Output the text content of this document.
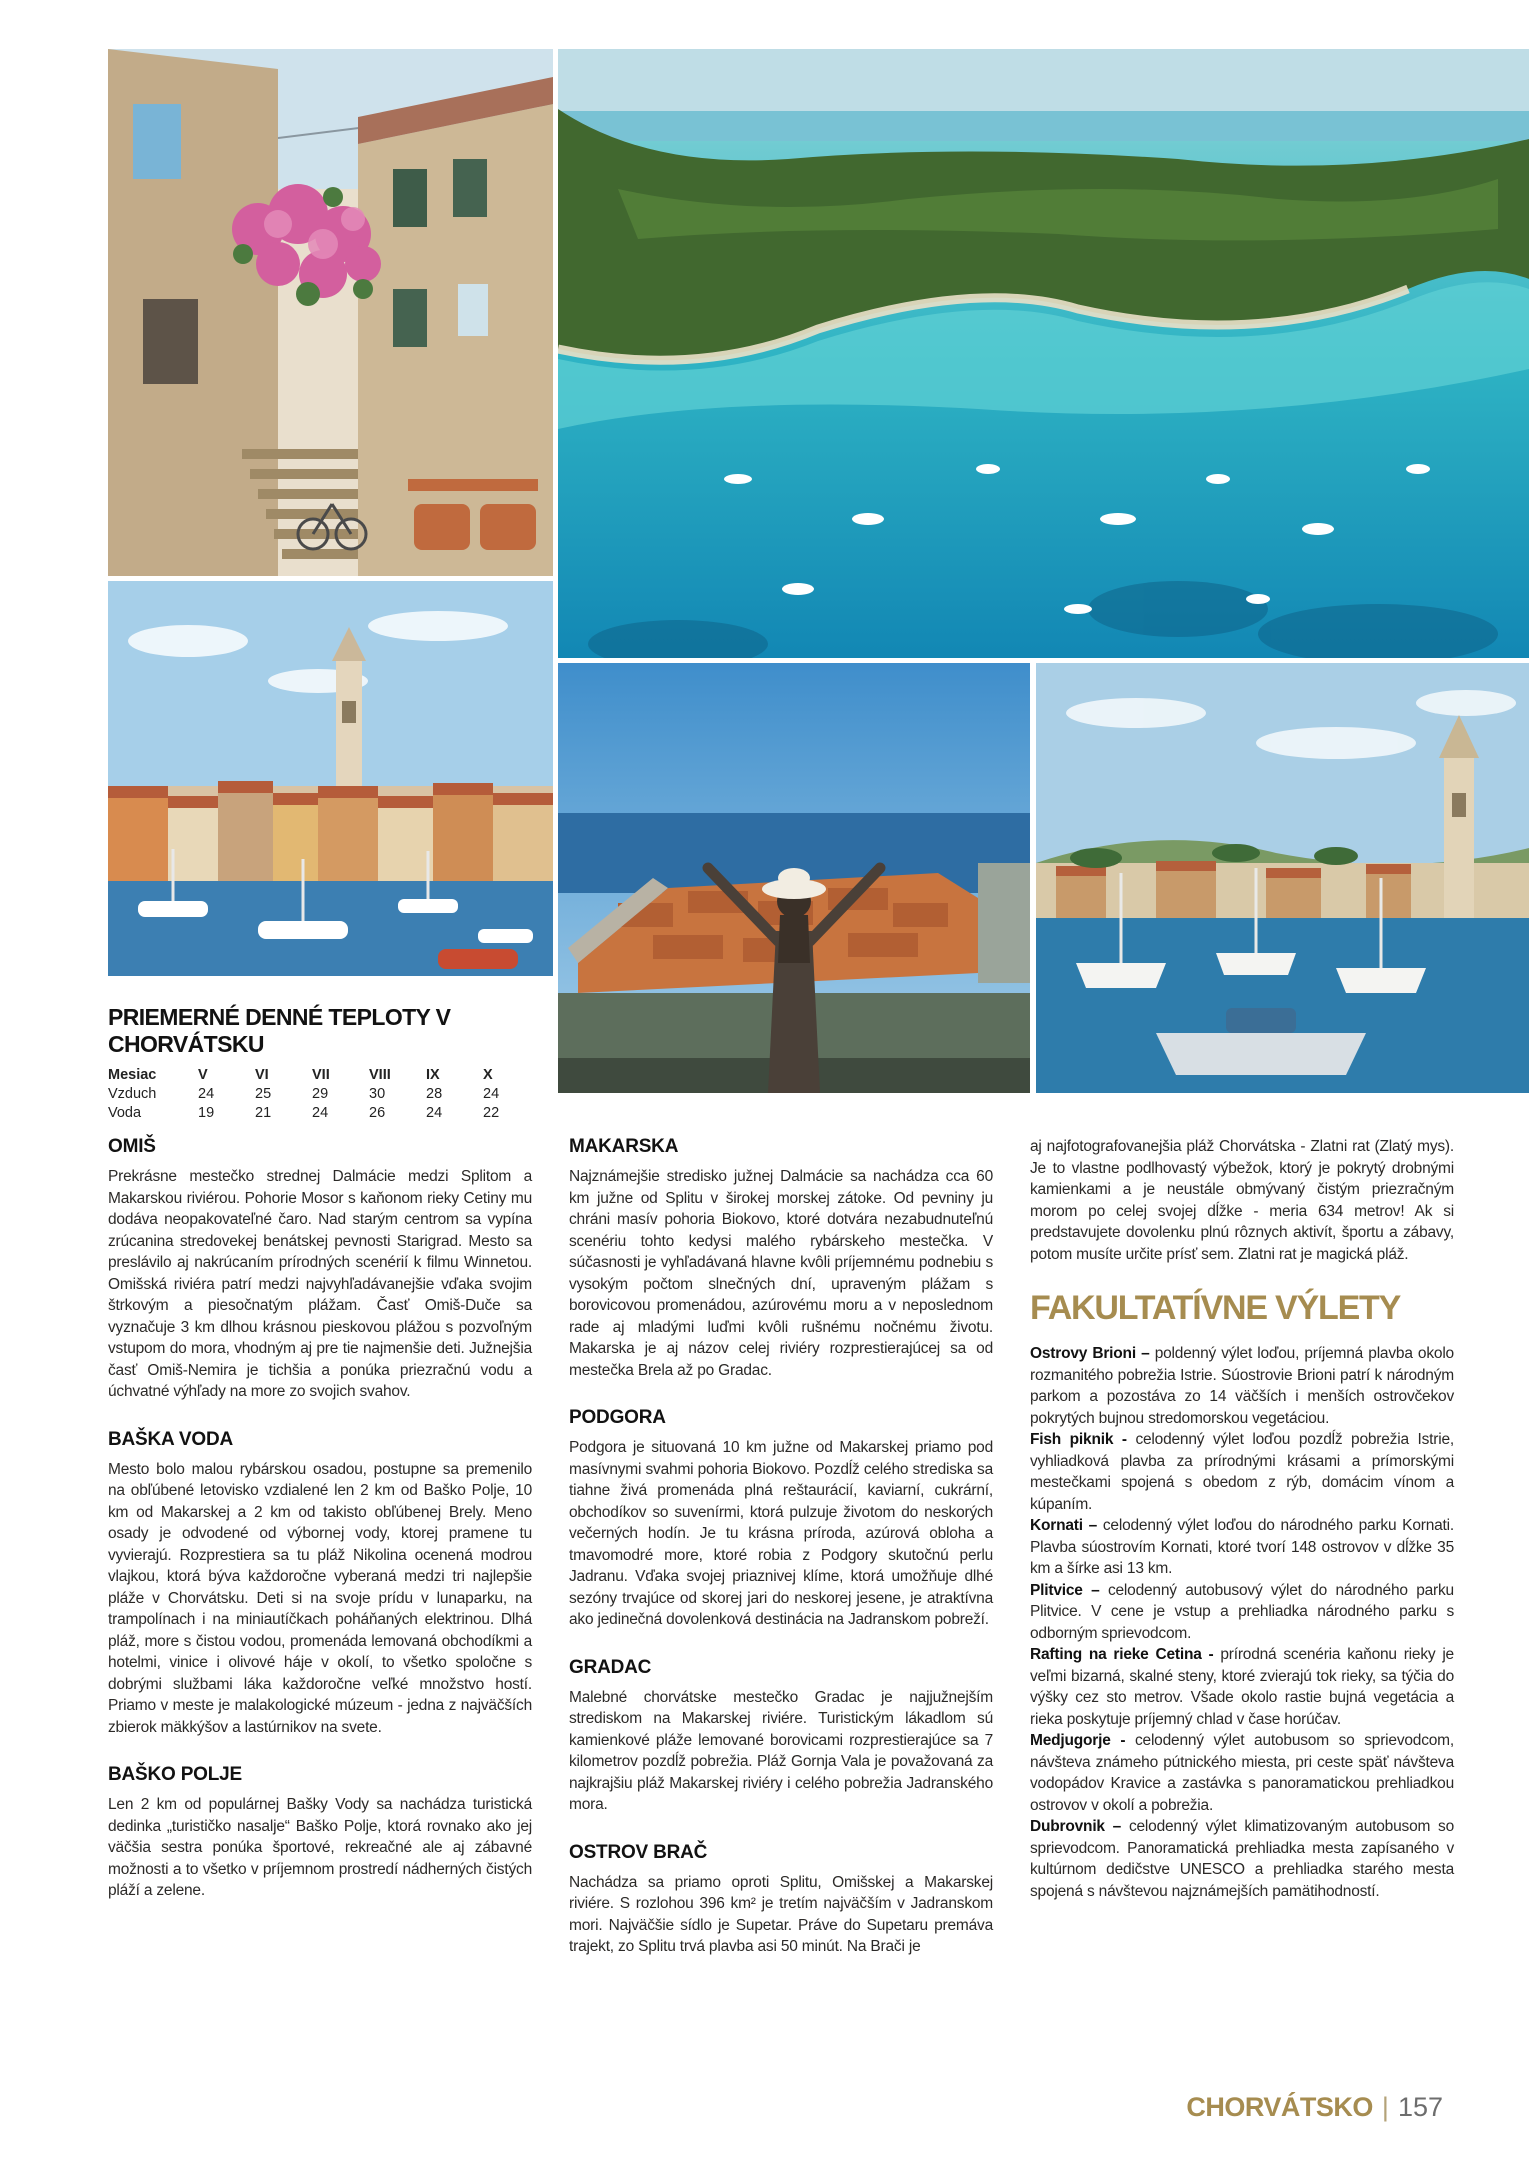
PRIEMERNÉ DENNÉ TEPLOTY V CHORVÁTSKU
Mesiac	V	VI	VII	VIII	IX	X
Vzduch	24	25	29	30	28	24
Voda	19	21	24	26	24	22
OMIŠ

Prekrásne mestečko strednej Dalmácie medzi Splitom a Makarskou riviérou. Pohorie Mosor s kaňonom rieky Cetiny mu dodáva neopakovateľné čaro. Nad starým centrom sa vypína zrúcanina stredovekej benátskej pevnosti Starigrad. Mesto sa preslávilo aj nakrúcaním prírodných scenérií k filmu Winnetou. Omišská riviéra patrí medzi najvyhľadávanejšie vďaka svojim štrkovým a piesočnatým plážam. Časť Omiš-Duče sa vyznačuje 3 km dlhou krásnou pieskovou plážou s pozvoľným vstupom do mora, vhodným aj pre tie najmenšie deti. Južnejšia časť Omiš-Nemira je tichšia a ponúka priezračnú vodu a úchvatné výhľady na more zo svojich svahov.

BAŠKA VODA

Mesto bolo malou rybárskou osadou, postupne sa premenilo na obľúbené letovisko vzdialené len 2 km od Baško Polje, 10 km od Makarskej a 2 km od takisto obľúbenej Brely. Meno osady je odvodené od výbornej vody, ktorej pramene tu vyvierajú. Rozprestiera sa tu pláž Nikolina ocenená modrou vlajkou, ktorá býva každoročne vyberaná medzi tri najlepšie pláže v Chorvátsku. Deti si na svoje prídu v lunaparku, na trampolínach i na miniautíčkach poháňaných elektrinou. Dlhá pláž, more s čistou vodou, promenáda lemovaná obchodíkmi a hotelmi, vinice i olivové háje v okolí, to všetko spoločne s dobrými službami láka každoročne veľké množstvo hostí. Priamo v meste je malakologické múzeum - jedna z najväčších zbierok mäkkýšov a lastúrnikov na svete.

BAŠKO POLJE

Len 2 km od populárnej Bašky Vody sa nachádza turistická dedinka „turističko nasalje“ Baško Polje, ktorá rovnako ako jej väčšia sestra ponúka športové, rekreačné ale aj zábavné možnosti a to všetko v príjemnom prostredí nádherných čistých pláží a zelene.

MAKARSKA

Najznámejšie stredisko južnej Dalmácie sa nachádza cca 60 km južne od Splitu v širokej morskej zátoke. Od pevniny ju chráni masív pohoria Biokovo, ktoré dotvára nezabudnuteľnú scenériu tohto kedysi malého rybárskeho mestečka. V súčasnosti je vyhľadávaná hlavne kvôli príjemnému podnebiu s vysokým počtom slnečných dní, upraveným plážam s borovicovou promenádou, azúrovému moru a v neposlednom rade aj mladými luďmi kvôli rušnému nočnému životu. Makarska je aj názov celej riviéry rozprestierajúcej sa od mestečka Brela až po Gradac.

PODGORA

Podgora je situovaná 10 km južne od Makarskej priamo pod masívnymi svahmi pohoria Biokovo. Pozdĺž celého strediska sa tiahne živá promenáda plná reštaurácií, kaviarní, cukrární, obchodíkov so suvenírmi, ktorá pulzuje životom do neskorých večerných hodín. Je tu krásna príroda, azúrová obloha a tmavomodré more, ktoré robia z Podgory skutočnú perlu Jadranu. Vďaka svojej priaznivej klíme, ktorá umožňuje dlhé sezóny trvajúce od skorej jari do neskorej jesene, je atraktívna ako jedinečná dovolenková destinácia na Jadranskom pobreží.

GRADAC

Malebné chorvátske mestečko Gradac je najjužnejším strediskom na Makarskej riviére. Turistickým lákadlom sú kamienkové pláže lemované borovicami rozprestierajúce sa 7 kilometrov pozdĺž pobrežia. Pláž Gornja Vala je považovaná za najkrajšiu pláž Makarskej riviéry i celého pobrežia Jadranského mora.

OSTROV BRAČ

Nachádza sa priamo oproti Splitu, Omišskej a Makarskej riviére. S rozlohou 396 km² je tretím najväčším v Jadranskom mori. Najväčšie sídlo je Supetar. Práve do Supetaru premáva trajekt, zo Splitu trvá plavba asi 50 minút. Na Brači je

aj najfotografovanejšia pláž Chorvátska - Zlatni rat (Zlatý mys). Je to vlastne podlhovastý výbežok, ktorý je pokrytý drobnými kamienkami a je neustále obmývaný čistým priezračným morom po celej svojej dĺžke - meria 634 metrov! Ak si predstavujete dovolenku plnú rôznych aktivít, športu a zábavy, potom musíte určite prísť sem. Zlatni rat je magická pláž.

FAKULTATÍVNE VÝLETY

Ostrovy Brioni – poldenný výlet loďou, príjemná plavba okolo rozmanitého pobrežia Istrie. Súostrovie Brioni patrí k národným parkom a pozostáva zo 14 väčších i menších ostrovčekov pokrytých bujnou stredomorskou vegetáciou.

Fish piknik - celodenný výlet loďou pozdĺž pobrežia Istrie, vyhliadková plavba za prírodnými krásami a prímorskými mestečkami spojená s obedom z rýb, domácim vínom a kúpaním.

Kornati – celodenný výlet loďou do národného parku Kornati. Plavba súostrovím Kornati, ktoré tvorí 148 ostrovov v dĺžke 35 km a šírke asi 13 km.

Plitvice – celodenný autobusový výlet do národného parku Plitvice. V cene je vstup a prehliadka národného parku s odborným sprievodcom.

Rafting na rieke Cetina - prírodná scenéria kaňonu rieky je veľmi bizarná, skalné steny, ktoré zvierajú tok rieky, sa týčia do výšky cez sto metrov. Všade okolo rastie bujná vegetácia a rieka poskytuje príjemný chlad v čase horúčav.

Medjugorje - celodenný výlet autobusom so sprievodcom, návšteva známeho pútnického miesta, pri ceste späť návšteva vodopádov Kravice a zastávka s panoramatickou prehliadkou ostrovov v okolí a pobrežia.

Dubrovnik – celodenný výlet klimatizovaným autobusom so sprievodcom. Panoramatická prehliadka mesta zapísaného v kultúrnom dedičstve UNESCO a prehliadka starého mesta spojená s návštevou najznámejších pamätihodností.

CHORVÁTSKO | 157
